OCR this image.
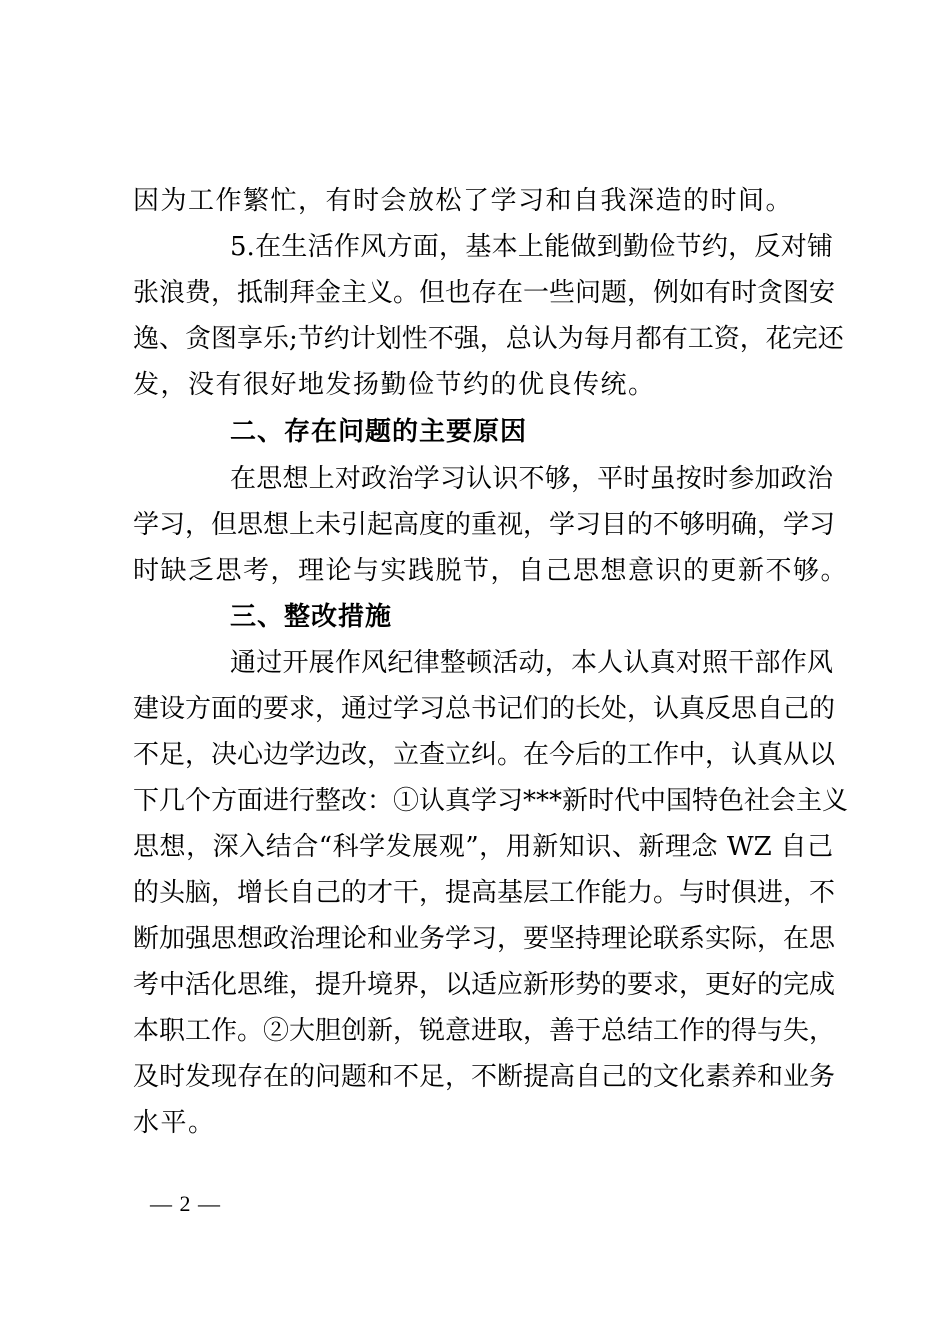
因为工作繁忙，有时会放松了学习和自我深造的时间。
5.在生活作风方面，基本上能做到勤俭节约，反对铺
张浪费，抵制拜金主义。但也存在一些问题，例如有时贪图安
逸、贪图享乐;节约计划性不强，总认为每月都有工资，花完还
发，没有很好地发扬勤俭节约的优良传统。
二、存在问题的主要原因
在思想上对政治学习认识不够，平时虽按时参加政治
学习，但思想上未引起高度的重视，学习目的不够明确，学习
时缺乏思考，理论与实践脱节，自己思想意识的更新不够。
三、整改措施
通过开展作风纪律整顿活动，本人认真对照干部作风
建设方面的要求，通过学习总书记们的长处，认真反思自己的
不足，决心边学边改，立查立纠。在今后的工作中，认真从以
下几个方面进行整改：①认真学习***新时代中国特色社会主义
思想，深入结合“科学发展观”，用新知识、新理念 WZ 自己
的头脑，增长自己的才干，提高基层工作能力。与时俱进，不
断加强思想政治理论和业务学习，要坚持理论联系实际，在思
考中活化思维，提升境界，以适应新形势的要求，更好的完成
本职工作。②大胆创新，锐意进取，善于总结工作的得与失，
及时发现存在的问题和不足，不断提高自己的文化素养和业务
水平。
— 2 —
